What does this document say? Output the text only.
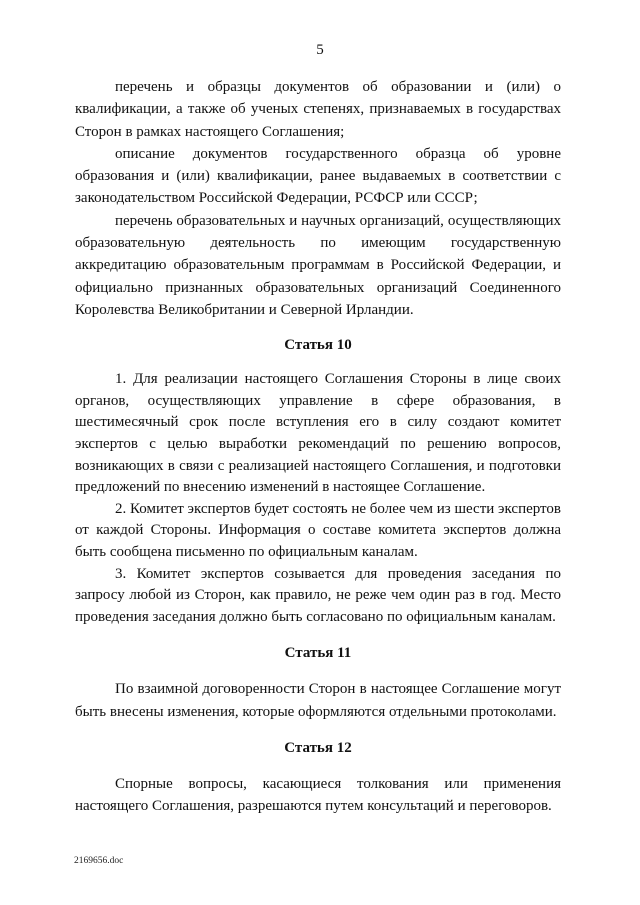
5

перечень и образцы документов об образовании и (или) о квалификации, а также об ученых степенях, признаваемых в государствах Сторон в рамках настоящего Соглашения;

описание документов государственного образца об уровне образования и (или) квалификации, ранее выдаваемых в соответствии с законодательством Российской Федерации, РСФСР или СССР;

перечень образовательных и научных организаций, осуществляющих образовательную деятельность по имеющим государственную аккредитацию образовательным программам в Российской Федерации, и официально признанных образовательных организаций Соединенного Королевства Великобритании и Северной Ирландии.

Статья 10

1. Для реализации настоящего Соглашения Стороны в лице своих органов, осуществляющих управление в сфере образования, в шестимесячный срок после вступления его в силу создают комитет экспертов с целью выработки рекомендаций по решению вопросов, возникающих в связи с реализацией настоящего Соглашения, и подготовки предложений по внесению изменений в настоящее Соглашение.

2. Комитет экспертов будет состоять не более чем из шести экспертов от каждой Стороны. Информация о составе комитета экспертов должна быть сообщена письменно по официальным каналам.

3. Комитет экспертов созывается для проведения заседания по запросу любой из Сторон, как правило, не реже чем один раз в год. Место проведения заседания должно быть согласовано по официальным каналам.

Статья 11

По взаимной договоренности Сторон в настоящее Соглашение могут быть внесены изменения, которые оформляются отдельными протоколами.

Статья 12

Спорные вопросы, касающиеся толкования или применения настоящего Соглашения, разрешаются путем консультаций и переговоров.

2169656.doc
